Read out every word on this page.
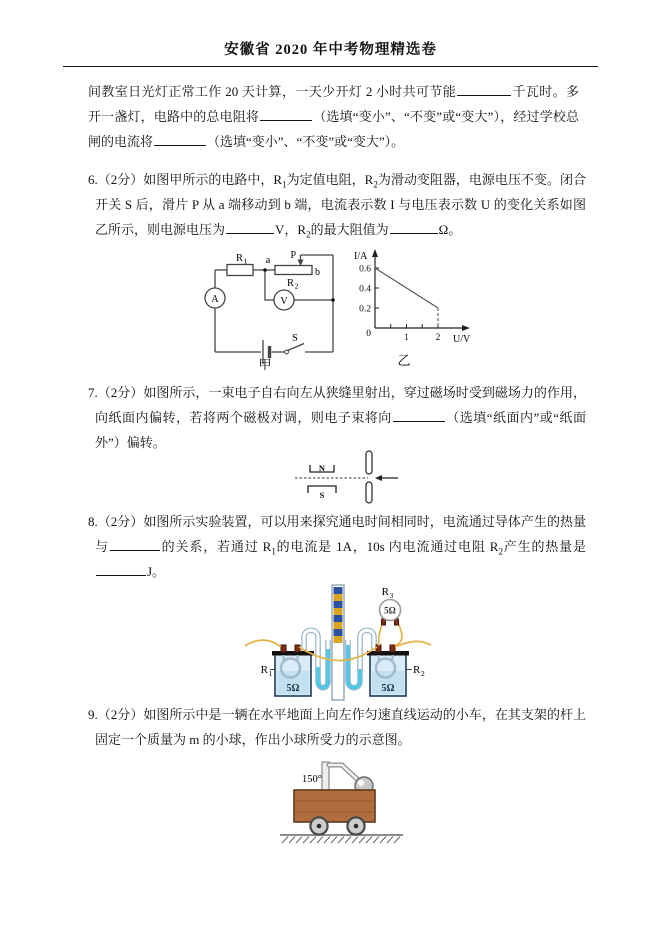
安徽省 2020 年中考物理精选卷
间教室日光灯正常工作 20 天计算，一天少开灯 2 小时共可节能	千瓦时。多开一盏灯，电路中的总电阻将	（选填“变小”、“不变”或“变大”），经过学校总闸的电流将	（选填“变小”、“不变”或“变大”）。
6.（2分）如图甲所示的电路中，$R_1$为定值电阻，$R_2$为滑动变阻器，电源电压不变。闭合开关 S 后，滑片 P 从 a 端移动到 b 端，电流表示数 I 与电压表示数 U 的变化关系如图乙所示，则电源电压为	V，$R_2$的最大阻值为	Ω。
R 1 a
b
P
R 2
A	V
S
甲
I/A
U/V
0
乙
0.2
0.4
0.6
1	2
7.（2分）如图所示，一束电子自右向左从狭缝里射出，穿过磁场时受到磁场力的作用，向纸面内偏转，若将两个磁极对调，则电子束将向	（选填“纸面内”或“纸面外”）偏转。
N
S
8.（2分）如图所示实验装置，可以用来探究通电时间相同时，电流通过导体产生的热量与	的关系，若通过 $R_1$的电流是 1A，10s 内电流通过电阻 $R_2$产生的热量是J。
5Ω
R 1
5Ω
R 2
5Ω
R 3
9.（2分）如图所示中是一辆在水平地面上向左作匀速直线运动的小车，在其支架的杆上固定一个质量为 m 的小球，作出小球所受力的示意图。
150°
